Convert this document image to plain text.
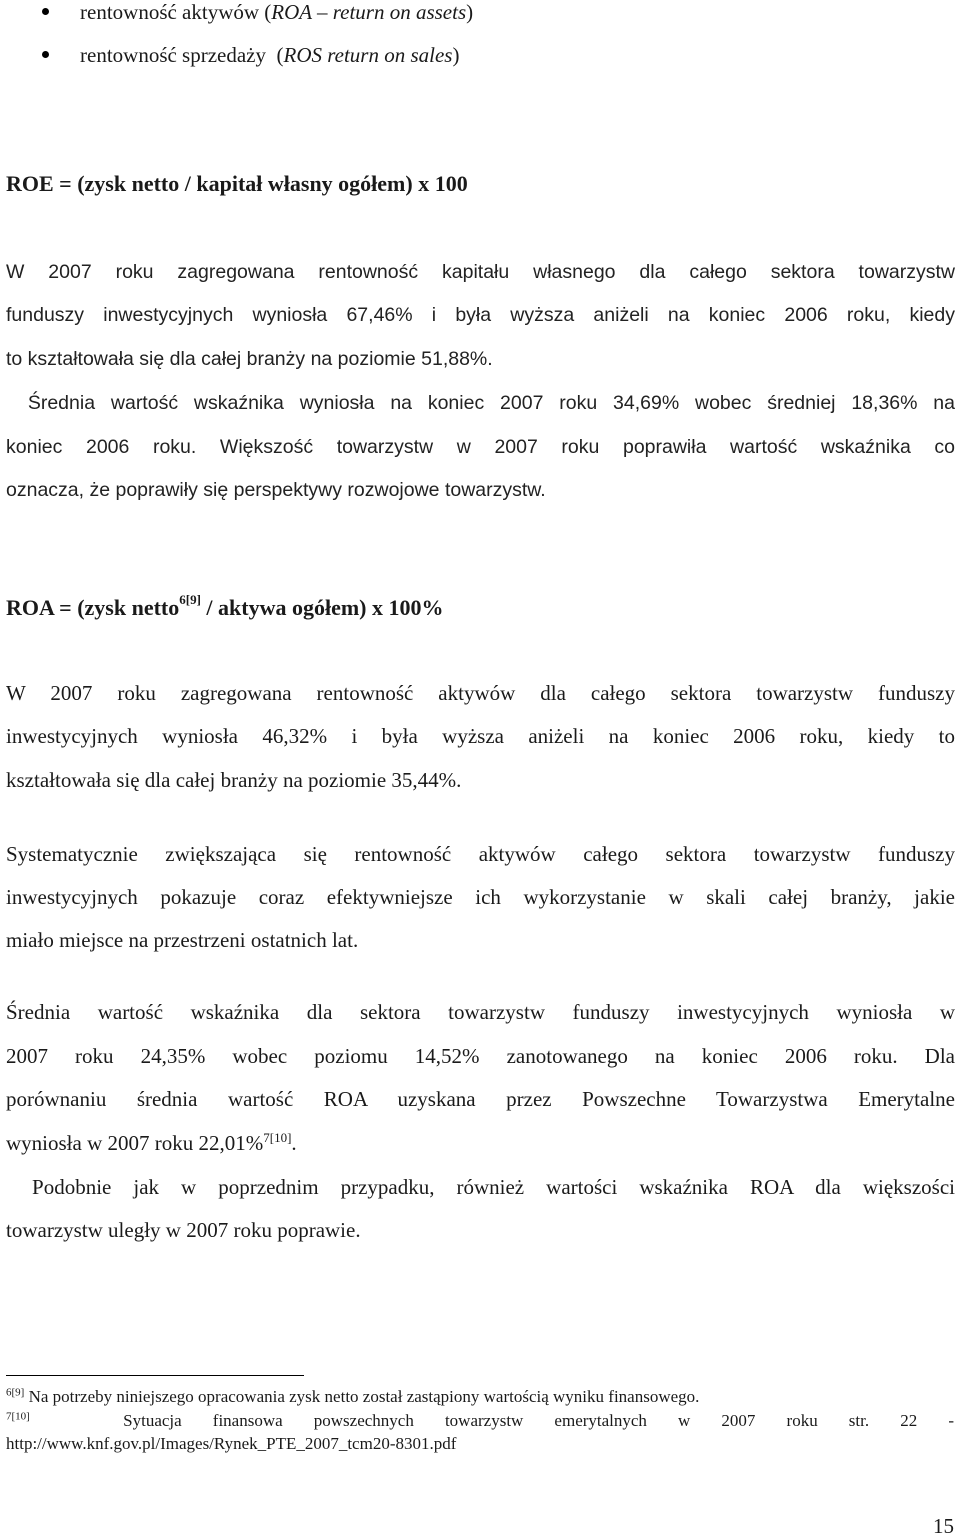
rentowność aktywów (ROA – return on assets)
rentowność sprzedaży  (ROS return on sales)
ROE = (zysk netto / kapitał własny ogółem) x 100
W 2007 roku zagregowana rentowność kapitału własnego dla całego sektora towarzystw
funduszy inwestycyjnych wyniosła 67,46% i była wyższa aniżeli na koniec 2006 roku, kiedy
to kształtowała się dla całej branży na poziomie 51,88%.
Średnia wartość wskaźnika wyniosła na koniec 2007 roku 34,69% wobec średniej 18,36% na
koniec 2006 roku. Większość towarzystw w 2007 roku poprawiła wartość wskaźnika co
oznacza, że poprawiły się perspektywy rozwojowe towarzystw.
ROA = (zysk netto$^{6[9]}$ / aktywa ogółem) x 100%
W 2007 roku zagregowana rentowność aktywów dla całego sektora towarzystw funduszy
inwestycyjnych wyniosła 46,32% i była wyższa aniżeli na koniec 2006 roku, kiedy to
kształtowała się dla całej branży na poziomie 35,44%.
Systematycznie zwiększająca się rentowność aktywów całego sektora towarzystw funduszy
inwestycyjnych pokazuje coraz efektywniejsze ich wykorzystanie w skali całej branży, jakie
miało miejsce na przestrzeni ostatnich lat.
Średnia wartość wskaźnika dla sektora towarzystw funduszy inwestycyjnych wyniosła w
2007 roku 24,35% wobec poziomu 14,52% zanotowanego na koniec 2006 roku. Dla
porównaniu średnia wartość ROA uzyskana przez Powszechne Towarzystwa Emerytalne
wyniosła w 2007 roku 22,01%$^{7[10]}$.
Podobnie jak w poprzednim przypadku, również wartości wskaźnika ROA dla większości
towarzystw uległy w 2007 roku poprawie.
$^{6[9]}$ Na potrzeby niniejszego opracowania zysk netto został zastąpiony wartością wyniku finansowego.
$^{7[10]}$   Sytuacja finansowa powszechnych towarzystw emerytalnych w 2007 roku str. 22 -
http://www.knf.gov.pl/Images/Rynek_PTE_2007_tcm20-8301.pdf
15
